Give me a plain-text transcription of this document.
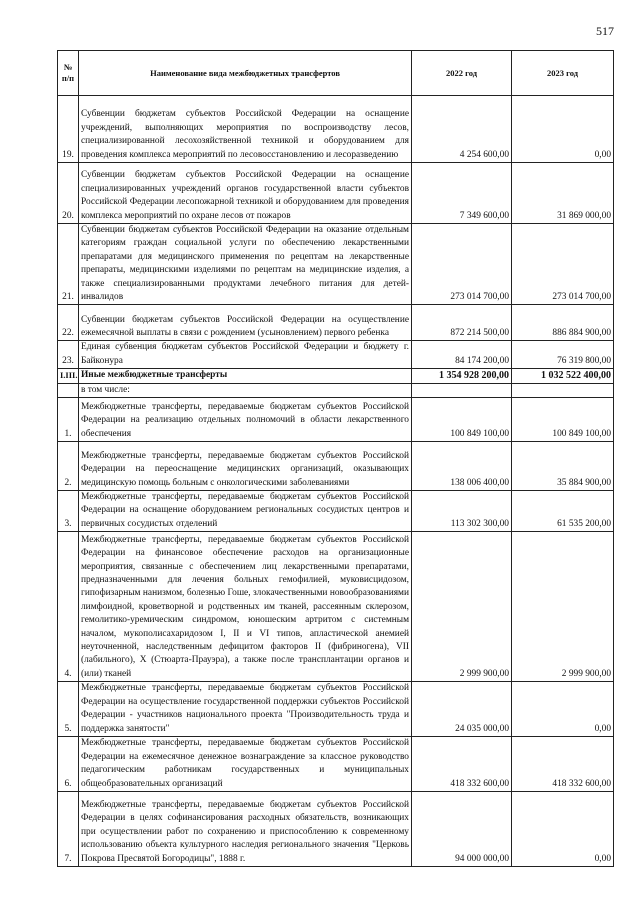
517
№ п/п	Наименование вида межбюджетных трансфертов	2022 год	2023 год
19.	Субвенции бюджетам субъектов Российской Федерации на оснащение учреждений, выполняющих мероприятия по воспроизводству лесов, специализированной лесохозяйственной техникой и оборудованием для проведения комплекса мероприятий по лесовосстановлению и лесоразведению	4 254 600,00	0,00
20.	Субвенции бюджетам субъектов Российской Федерации на оснащение специализированных учреждений органов государственной власти субъектов Российской Федерации лесопожарной техникой и оборудованием для проведения комплекса мероприятий по охране лесов от пожаров	7 349 600,00	31 869 000,00
21.	Субвенции бюджетам субъектов Российской Федерации на оказание отдельным категориям граждан социальной услуги по обеспечению лекарственными препаратами для медицинского применения по рецептам на лекарственные препараты, медицинскими изделиями по рецептам на медицинские изделия, а также специализированными продуктами лечебного питания для детей-инвалидов	273 014 700,00	273 014 700,00
22.	Субвенции бюджетам субъектов Российской Федерации на осуществление ежемесячной выплаты в связи с рождением (усыновлением) первого ребенка	872 214 500,00	886 884 900,00
23.	Единая субвенция бюджетам субъектов Российской Федерации и бюджету г. Байконура	84 174 200,00	76 319 800,00
I.III.	Иные межбюджетные трансферты	1 354 928 200,00	1 032 522 400,00
	в том числе:		
1.	Межбюджетные трансферты, передаваемые бюджетам субъектов Российской Федерации на реализацию отдельных полномочий в области лекарственного обеспечения	100 849 100,00	100 849 100,00
2.	Межбюджетные трансферты, передаваемые бюджетам субъектов Российской Федерации на переоснащение медицинских организаций, оказывающих медицинскую помощь больным с онкологическими заболеваниями	138 006 400,00	35 884 900,00
3.	Межбюджетные трансферты, передаваемые бюджетам субъектов Российской Федерации на оснащение оборудованием региональных сосудистых центров и первичных сосудистых отделений	113 302 300,00	61 535 200,00
4.	Межбюджетные трансферты, передаваемые бюджетам субъектов Российской Федерации на финансовое обеспечение расходов на организационные мероприятия, связанные с обеспечением лиц лекарственными препаратами, предназначенными для лечения больных гемофилией, муковисцидозом, гипофизарным нанизмом, болезнью Гоше, злокачественными новообразованиями лимфоидной, кроветворной и родственных им тканей, рассеянным склерозом, гемолитико-уремическим синдромом, юношеским артритом с системным началом, мукополисахаридозом I, II и VI типов, апластической анемией неуточненной, наследственным дефицитом факторов II (фибриногена), VII (лабильного), X (Стюарта-Прауэра), а также после трансплантации органов и (или) тканей	2 999 900,00	2 999 900,00
5.	Межбюджетные трансферты, передаваемые бюджетам субъектов Российской Федерации на осуществление государственной поддержки субъектов Российской Федерации - участников национального проекта "Производительность труда и поддержка занятости"	24 035 000,00	0,00
6.	Межбюджетные трансферты, передаваемые бюджетам субъектов Российской Федерации на ежемесячное денежное вознаграждение за классное руководство педагогическим работникам государственных и муниципальных общеобразовательных организаций	418 332 600,00	418 332 600,00
7.	Межбюджетные трансферты, передаваемые бюджетам субъектов Российской Федерации в целях софинансирования расходных обязательств, возникающих при осуществлении работ по сохранению и приспособлению к современному использованию объекта культурного наследия регионального значения "Церковь Покрова Пресвятой Богородицы", 1888 г.	94 000 000,00	0,00
